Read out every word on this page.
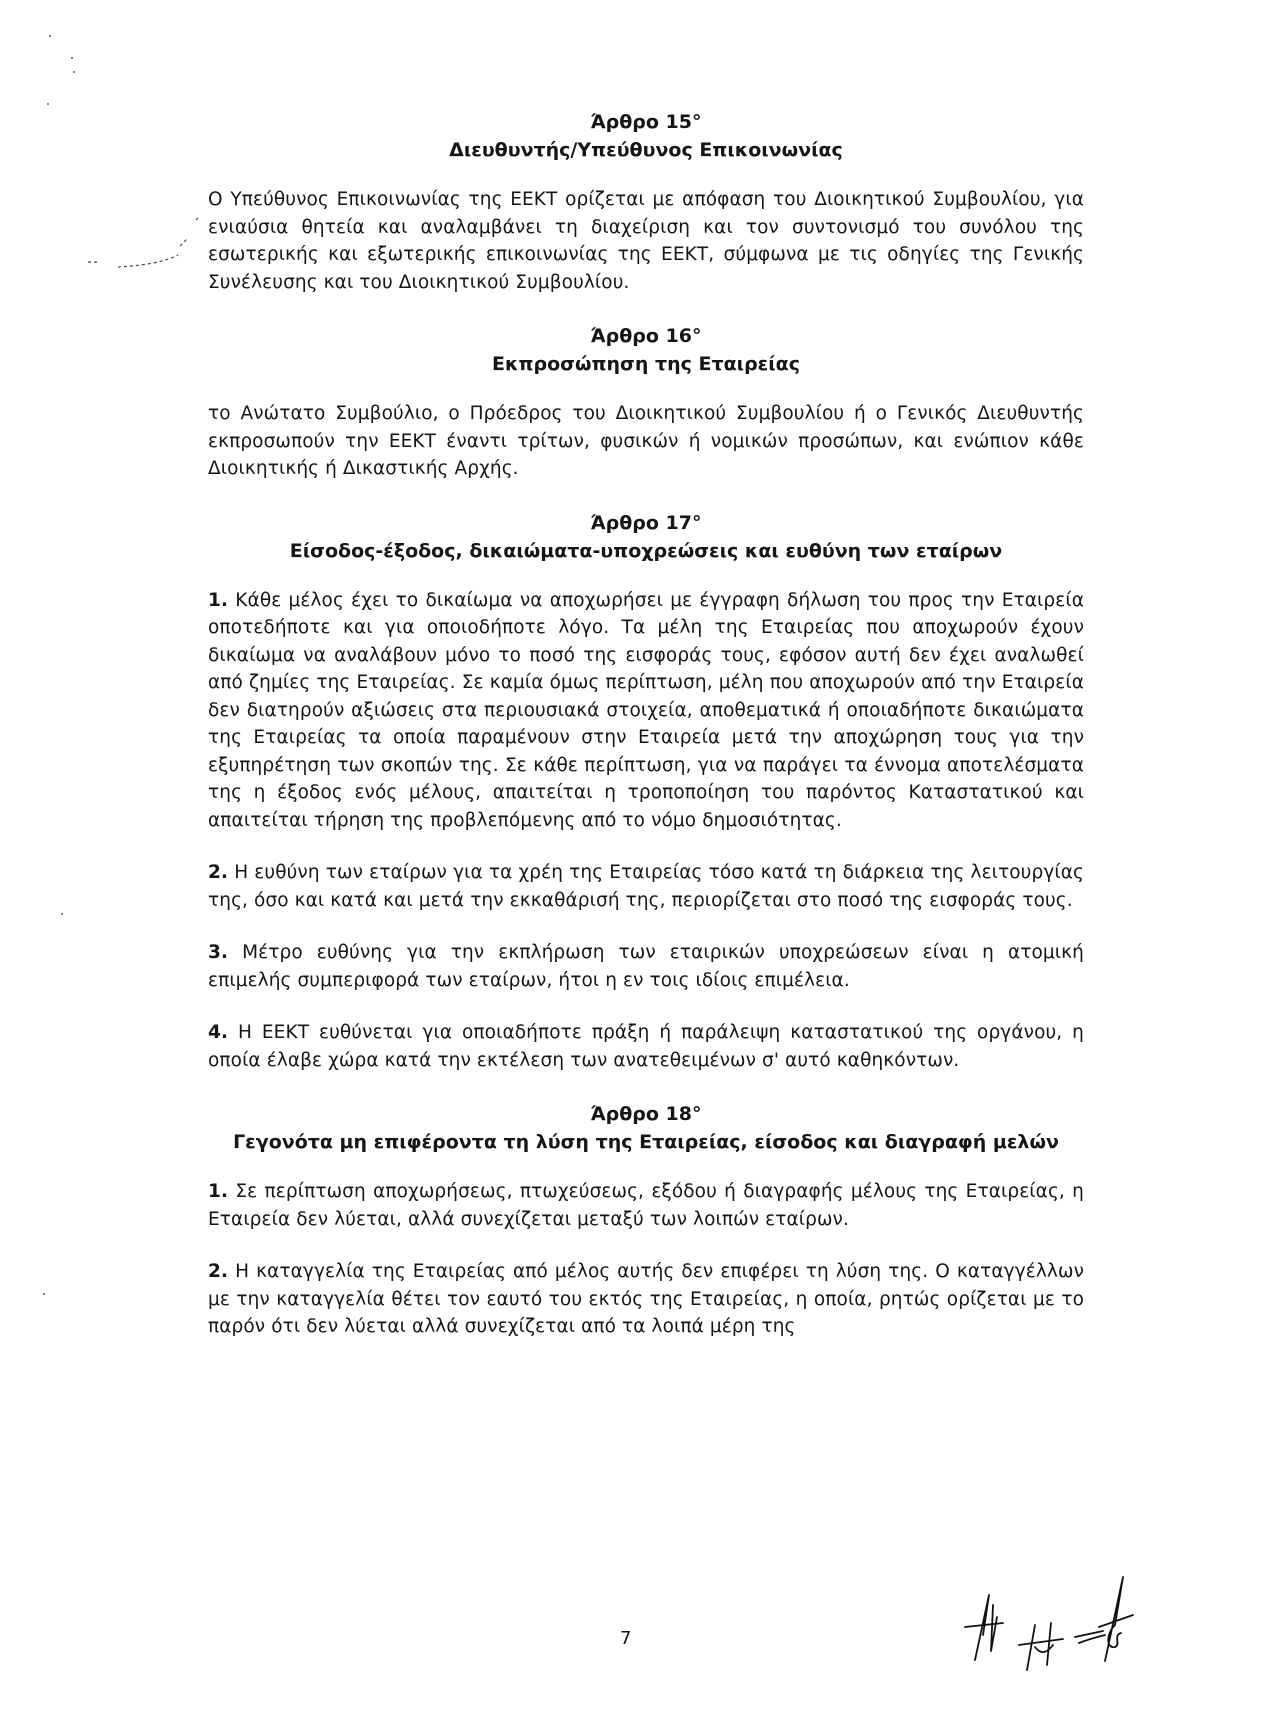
Άρθρο 15°
Διευθυντής/Υπεύθυνος Επικοινωνίας

Ο Υπεύθυνος Επικοινωνίας της ΕΕΚΤ ορίζεται με απόφαση του Διοικητικού Συμβουλίου, για ενιαύσια θητεία και αναλαμβάνει τη διαχείριση και τον συντονισμό του συνόλου της εσωτερικής και εξωτερικής επικοινωνίας της ΕΕΚΤ, σύμφωνα με τις οδηγίες της Γενικής Συνέλευσης και του Διοικητικού Συμβουλίου.

Άρθρο 16°
Εκπροσώπηση της Εταιρείας

το Ανώτατο Συμβούλιο, ο Πρόεδρος του Διοικητικού Συμβουλίου ή ο Γενικός Διευθυντής εκπροσωπούν την ΕΕΚΤ έναντι τρίτων, φυσικών ή νομικών προσώπων, και ενώπιον κάθε Διοικητικής ή Δικαστικής Αρχής.

Άρθρο 17°
Είσοδος-έξοδος, δικαιώματα-υποχρεώσεις και ευθύνη των εταίρων

1. Κάθε μέλος έχει το δικαίωμα να αποχωρήσει με έγγραφη δήλωση του προς την Εταιρεία οποτεδήποτε και για οποιοδήποτε λόγο. Τα μέλη της Εταιρείας που αποχωρούν έχουν δικαίωμα να αναλάβουν μόνο το ποσό της εισφοράς τους, εφόσον αυτή δεν έχει αναλωθεί από ζημίες της Εταιρείας. Σε καμία όμως περίπτωση, μέλη που αποχωρούν από την Εταιρεία δεν διατηρούν αξιώσεις στα περιουσιακά στοιχεία, αποθεματικά ή οποιαδήποτε δικαιώματα της Εταιρείας τα οποία παραμένουν στην Εταιρεία μετά την αποχώρηση τους για την εξυπηρέτηση των σκοπών της. Σε κάθε περίπτωση, για να παράγει τα έννομα αποτελέσματα της η έξοδος ενός μέλους, απαιτείται η τροποποίηση του παρόντος Καταστατικού και απαιτείται τήρηση της προβλεπόμενης από το νόμο δημοσιότητας.

2. Η ευθύνη των εταίρων για τα χρέη της Εταιρείας τόσο κατά τη διάρκεια της λειτουργίας της, όσο και κατά και μετά την εκκαθάρισή της, περιορίζεται στο ποσό της εισφοράς τους.

3. Μέτρο ευθύνης για την εκπλήρωση των εταιρικών υποχρεώσεων είναι η ατομική επιμελής συμπεριφορά των εταίρων, ήτοι η εν τοις ιδίοις επιμέλεια.

4. Η ΕΕΚΤ ευθύνεται για οποιαδήποτε πράξη ή παράλειψη καταστατικού της οργάνου, η οποία έλαβε χώρα κατά την εκτέλεση των ανατεθειμένων σ' αυτό καθηκόντων.

Άρθρο 18°
Γεγονότα μη επιφέροντα τη λύση της Εταιρείας, είσοδος και διαγραφή μελών

1. Σε περίπτωση αποχωρήσεως, πτωχεύσεως, εξόδου ή διαγραφής μέλους της Εταιρείας, η Εταιρεία δεν λύεται, αλλά συνεχίζεται μεταξύ των λοιπών εταίρων.

2. Η καταγγελία της Εταιρείας από μέλος αυτής δεν επιφέρει τη λύση της. Ο καταγγέλλων με την καταγγελία θέτει τον εαυτό του εκτός της Εταιρείας, η οποία, ρητώς ορίζεται με το παρόν ότι δεν λύεται αλλά συνεχίζεται από τα λοιπά μέρη της

7
